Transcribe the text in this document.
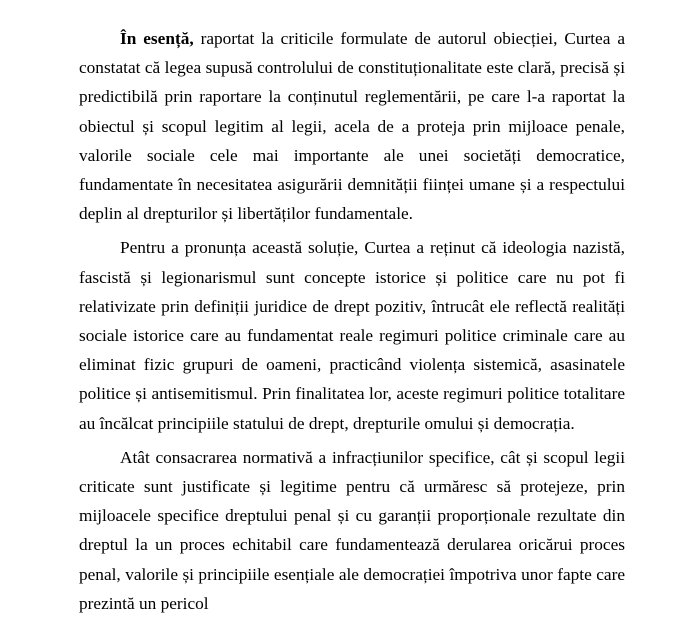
În esență, raportat la criticile formulate de autorul obiecției, Curtea a constatat că legea supusă controlului de constituționalitate este clară, precisă și predictibilă prin raportare la conținutul reglementării, pe care l-a raportat la obiectul și scopul legitim al legii, acela de a proteja prin mijloace penale, valorile sociale cele mai importante ale unei societăți democratice, fundamentate în necesitatea asigurării demnității ființei umane și a respectului deplin al drepturilor și libertăților fundamentale.

Pentru a pronunța această soluție, Curtea a reținut că ideologia nazistă, fascistă și legionarismul sunt concepte istorice și politice care nu pot fi relativizate prin definiții juridice de drept pozitiv, întrucât ele reflectă realități sociale istorice care au fundamentat reale regimuri politice criminale care au eliminat fizic grupuri de oameni, practicând violența sistemică, asasinatele politice și antisemitismul. Prin finalitatea lor, aceste regimuri politice totalitare au încălcat principiile statului de drept, drepturile omului și democrația.

Atât consacrarea normativă a infracțiunilor specifice, cât și scopul legii criticate sunt justificate și legitime pentru că urmăresc să protejeze, prin mijloacele specifice dreptului penal și cu garanții proporționale rezultate din dreptul la un proces echitabil care fundamentează derularea oricărui proces penal, valorile și principiile esențiale ale democrației împotriva unor fapte care prezintă un pericol
